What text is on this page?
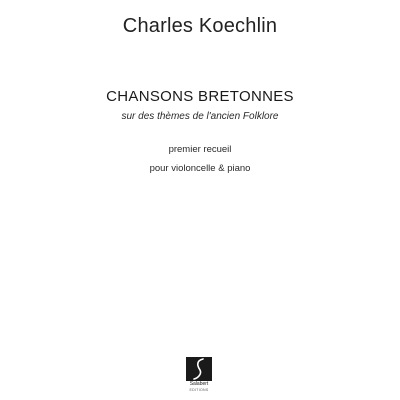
Charles Koechlin
CHANSONS BRETONNES
sur des thèmes de l'ancien Folklore
premier recueil
pour violoncelle & piano
Salabert
EDITIONS
